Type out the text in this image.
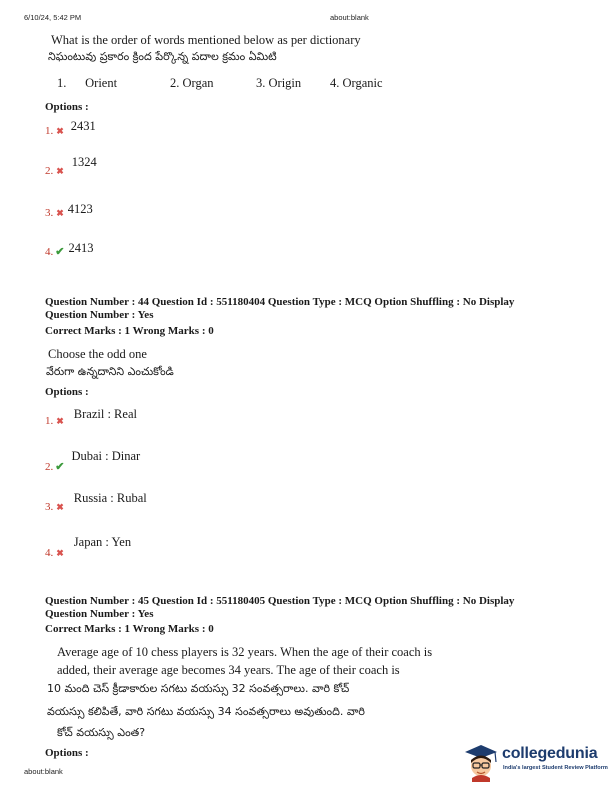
6/10/24, 5:42 PM	about:blank
about:blank
What is the order of words mentioned below as per dictionary
నిఘంటువు ప్రకారం క్రింద పేర్కొన్న పదాల క్రమం ఏమిటి
1.      Orient	2. Organ	3. Origin 4. Organic
Options :
1. ✖ $^{2431}$
2. ✖ $^{1324}$
3. ✖ 4123
4. ✔ 2413
Question Number : 44 Question Id : 551180404 Question Type : MCQ Option Shuffling : No Display
Question Number : Yes
Correct Marks : 1 Wrong Marks : 0
Choose the odd one
వేరుగా ఉన్నదానిని ఎంచుకోండి
Options :
1. ✖ $^{Brazil : Real}$
2. ✔ $^{Dubai : Dinar}$
3. ✖ $^{Russia : Rubal}$
4. ✖ $^{Japan : Yen}$
Question Number : 45 Question Id : 551180405 Question Type : MCQ Option Shuffling : No Display
Question Number : Yes
Correct Marks : 1 Wrong Marks : 0
Average age of 10 chess players is 32 years. When the age of their coach is
added, their average age becomes 34 years. The age of their coach is
10 మంది చెస్ క్రీడాకారుల సగటు వయస్సు 32 సంవత్సరాలు. వారి కోచ్
వయస్సు కలిపితే, వారి సగటు వయస్సు 34 సంవత్సరాలు అవుతుంది. వారి
కోచ్ వయస్సు ఎంత?
Options :	collegedunia
India's largest Student Review Platform
